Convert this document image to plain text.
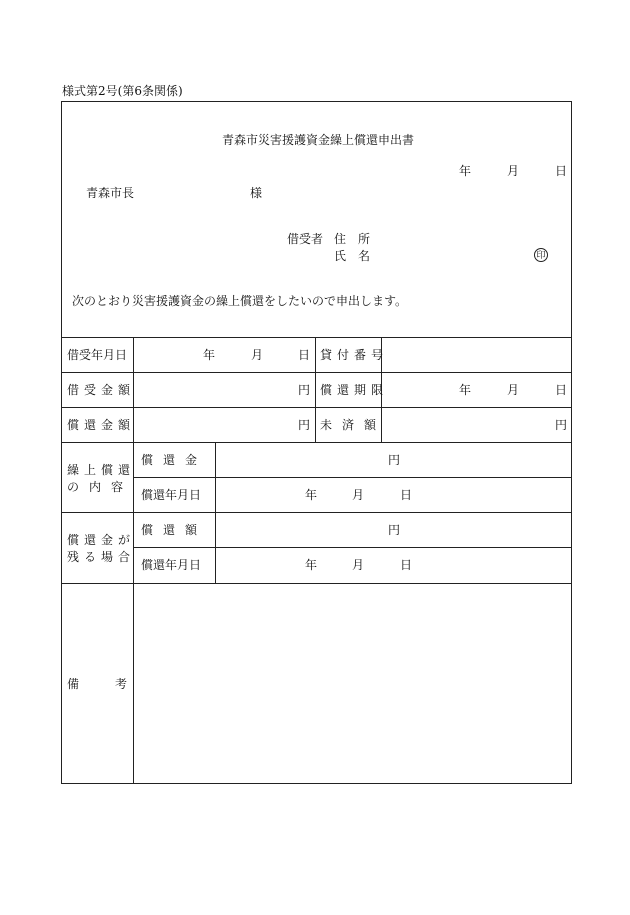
様式第2号(第6条関係)
青森市災害援護資金繰上償還申出書
年	月	日
青森市長	様
借受者 住　所
氏　名	印
次のとおり災害援護資金の繰上償還をしたいので申出します。
借受年月日	年	月	日 貸付番号
借受金額	円 償還期限	年	月	日
償還金額	円 未済額	円
繰上償還
の内容
償還金	円
償還年月日	年	月	日
償還金が
残る場合
償還額	円
償還年月日	年	月	日
備	考
